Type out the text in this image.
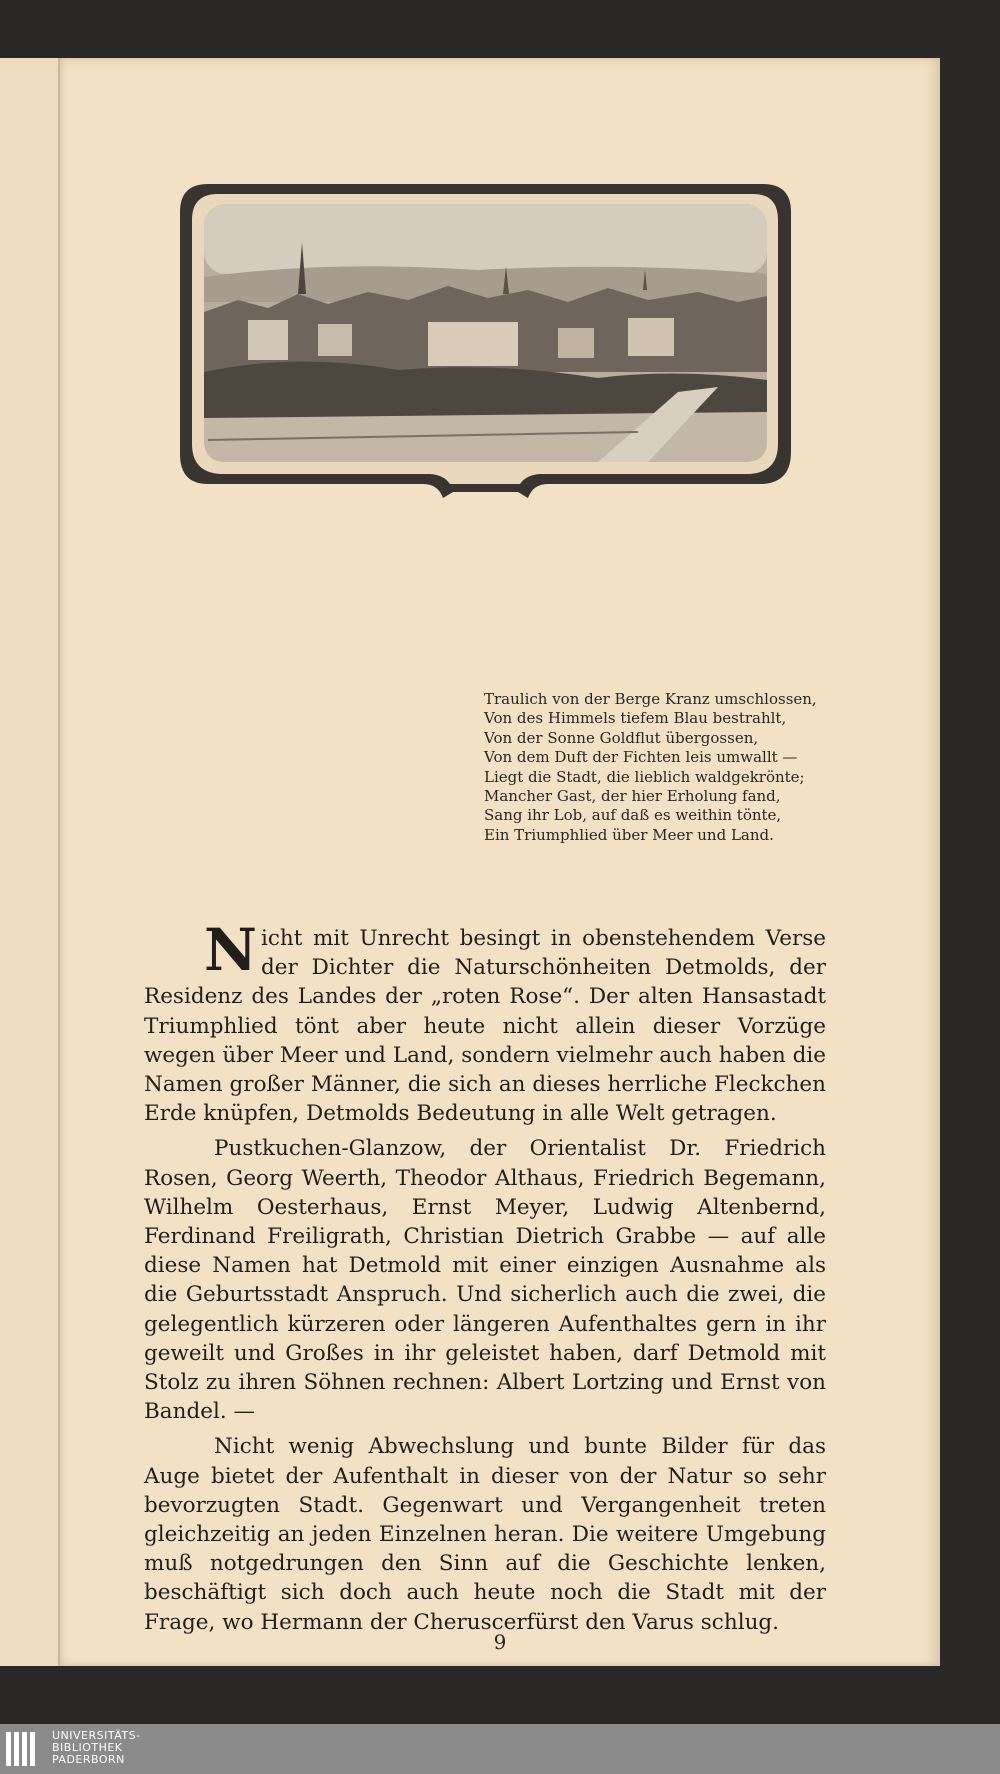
Traulich von der Berge Kranz umschlossen,
Von des Himmels tiefem Blau bestrahlt,
Von der Sonne Goldflut übergossen,
Von dem Duft der Fichten leis umwallt —
Liegt die Stadt, die lieblich waldgekrönte;
Mancher Gast, der hier Erholung fand,
Sang ihr Lob, auf daß es weithin tönte,
Ein Triumphlied über Meer und Land.

Nicht mit Unrecht besingt in obenstehendem Verse der Dichter die Naturschönheiten Detmolds, der Residenz des Landes der „roten Rose“. Der alten Hansastadt Triumphlied tönt aber heute nicht allein dieser Vorzüge wegen über Meer und Land, sondern vielmehr auch haben die Namen großer Männer, die sich an dieses herrliche Fleckchen Erde knüpfen, Detmolds Bedeutung in alle Welt getragen.

Pustkuchen-Glanzow, der Orientalist Dr. Friedrich Rosen, Georg Weerth, Theodor Althaus, Friedrich Begemann, Wilhelm Oesterhaus, Ernst Meyer, Ludwig Altenbernd, Ferdinand Freiligrath, Christian Dietrich Grabbe — auf alle diese Namen hat Detmold mit einer einzigen Ausnahme als die Geburtsstadt Anspruch. Und sicherlich auch die zwei, die gelegentlich kürzeren oder längeren Aufenthaltes gern in ihr geweilt und Großes in ihr geleistet haben, darf Detmold mit Stolz zu ihren Söhnen rechnen: Albert Lortzing und Ernst von Bandel. —

Nicht wenig Abwechslung und bunte Bilder für das Auge bietet der Aufenthalt in dieser von der Natur so sehr bevorzugten Stadt. Gegenwart und Vergangenheit treten gleichzeitig an jeden Einzelnen heran. Die weitere Umgebung muß notgedrungen den Sinn auf die Geschichte lenken, beschäftigt sich doch auch heute noch die Stadt mit der Frage, wo Hermann der Cheruscerfürst den Varus schlug.

9
UNIVERSITÄTS-
BIBLIOTHEK
PADERBORN
